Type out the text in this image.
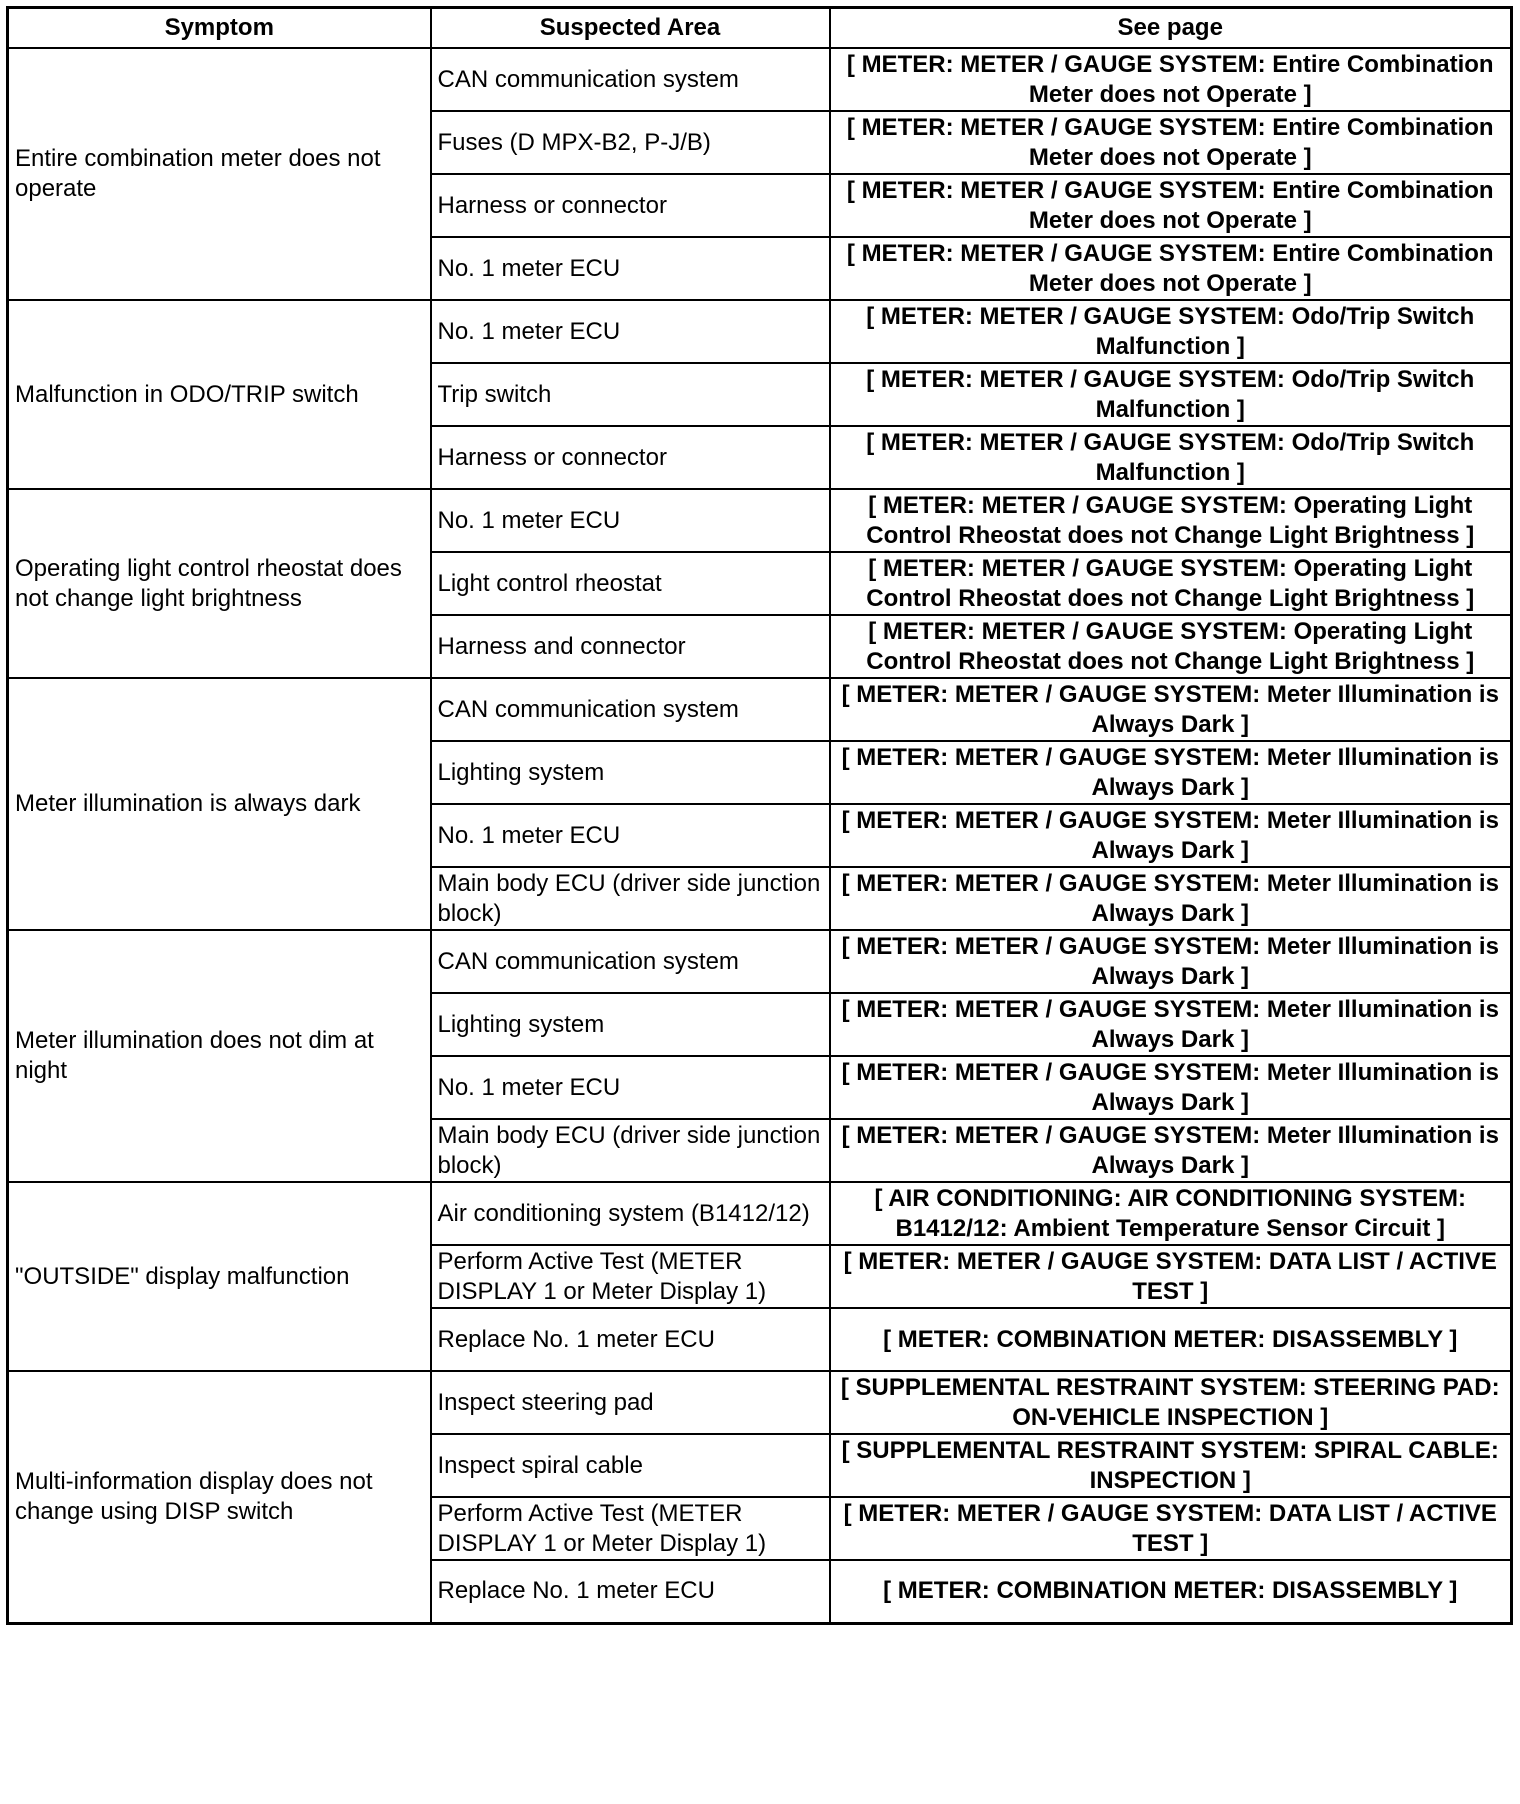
Symptom	Suspected Area	See page
Entire combination meter does not operate	CAN communication system	[ METER: METER / GAUGE SYSTEM: Entire Combination Meter does not Operate ]
	Fuses (D MPX-B2, P-J/B)	[ METER: METER / GAUGE SYSTEM: Entire Combination Meter does not Operate ]
	Harness or connector	[ METER: METER / GAUGE SYSTEM: Entire Combination Meter does not Operate ]
	No. 1 meter ECU	[ METER: METER / GAUGE SYSTEM: Entire Combination Meter does not Operate ]
Malfunction in ODO/TRIP switch	No. 1 meter ECU	[ METER: METER / GAUGE SYSTEM: Odo/Trip Switch Malfunction ]
	Trip switch	[ METER: METER / GAUGE SYSTEM: Odo/Trip Switch Malfunction ]
	Harness or connector	[ METER: METER / GAUGE SYSTEM: Odo/Trip Switch Malfunction ]
Operating light control rheostat does not change light brightness	No. 1 meter ECU	[ METER: METER / GAUGE SYSTEM: Operating Light Control Rheostat does not Change Light Brightness ]
	Light control rheostat	[ METER: METER / GAUGE SYSTEM: Operating Light Control Rheostat does not Change Light Brightness ]
	Harness and connector	[ METER: METER / GAUGE SYSTEM: Operating Light Control Rheostat does not Change Light Brightness ]
Meter illumination is always dark	CAN communication system	[ METER: METER / GAUGE SYSTEM: Meter Illumination is Always Dark ]
	Lighting system	[ METER: METER / GAUGE SYSTEM: Meter Illumination is Always Dark ]
	No. 1 meter ECU	[ METER: METER / GAUGE SYSTEM: Meter Illumination is Always Dark ]
	Main body ECU (driver side junction block)	[ METER: METER / GAUGE SYSTEM: Meter Illumination is Always Dark ]
Meter illumination does not dim at night	CAN communication system	[ METER: METER / GAUGE SYSTEM: Meter Illumination is Always Dark ]
	Lighting system	[ METER: METER / GAUGE SYSTEM: Meter Illumination is Always Dark ]
	No. 1 meter ECU	[ METER: METER / GAUGE SYSTEM: Meter Illumination is Always Dark ]
	Main body ECU (driver side junction block)	[ METER: METER / GAUGE SYSTEM: Meter Illumination is Always Dark ]
"OUTSIDE" display malfunction	Air conditioning system (B1412/12)	[ AIR CONDITIONING: AIR CONDITIONING SYSTEM: B1412/12: Ambient Temperature Sensor Circuit ]
	Perform Active Test (METER DISPLAY 1 or Meter Display 1)	[ METER: METER / GAUGE SYSTEM: DATA LIST / ACTIVE TEST ]
	Replace No. 1 meter ECU	[ METER: COMBINATION METER: DISASSEMBLY ]
Multi-information display does not change using DISP switch	Inspect steering pad	[ SUPPLEMENTAL RESTRAINT SYSTEM: STEERING PAD: ON-VEHICLE INSPECTION ]
	Inspect spiral cable	[ SUPPLEMENTAL RESTRAINT SYSTEM: SPIRAL CABLE: INSPECTION ]
	Perform Active Test (METER DISPLAY 1 or Meter Display 1)	[ METER: METER / GAUGE SYSTEM: DATA LIST / ACTIVE TEST ]
	Replace No. 1 meter ECU	[ METER: COMBINATION METER: DISASSEMBLY ]
